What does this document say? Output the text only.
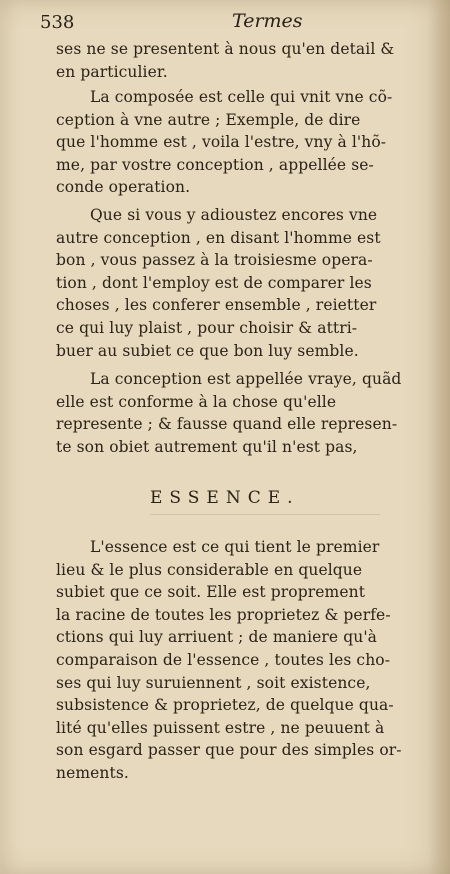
538	Termes
ses ne se presentent à nous qu'en detail &
en particulier.
La composée est celle qui vnit vne cõ-
ception à vne autre ; Exemple, de dire
que l'homme est , voila l'estre, vny à l'hõ-
me, par vostre conception , appellée se-
conde operation.
Que si vous y adioustez encores vne
autre conception , en disant l'homme est
bon , vous passez à la troisiesme opera-
tion , dont l'employ est de comparer les
choses , les conferer ensemble , reietter
ce qui luy plaist , pour choisir & attri-
buer au subiet ce que bon luy semble.
La conception est appellée vraye, quãd
elle est conforme à la chose qu'elle
represente ; & fausse quand elle represen-
te son obiet autrement qu'il n'est pas,
ESSENCE.
L'essence est ce qui tient le premier
lieu & le plus considerable en quelque
subiet que ce soit. Elle est proprement
la racine de toutes les proprietez & perfe-
ctions qui luy arriuent ; de maniere qu'à
comparaison de l'essence , toutes les cho-
ses qui luy suruiennent , soit existence,
subsistence & proprietez, de quelque qua-
lité qu'elles puissent estre , ne peuuent à
son esgard passer que pour des simples or-
nements.
